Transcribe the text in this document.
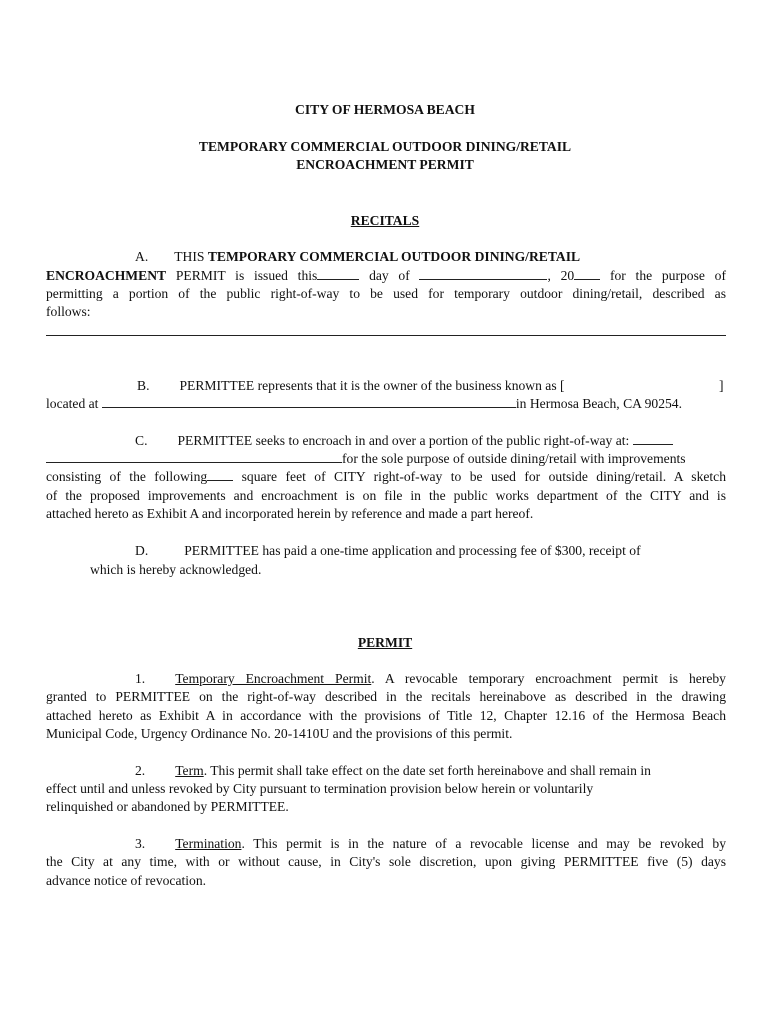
CITY OF HERMOSA BEACH
TEMPORARY COMMERCIAL OUTDOOR DINING/RETAIL
ENCROACHMENT PERMIT
RECITALS
A. THIS TEMPORARY COMMERCIAL OUTDOOR DINING/RETAIL
ENCROACHMENT PERMIT is issued this	day of	, 20	for the purpose of
permitting a portion of the public right-of-way to be used for temporary outdoor dining/retail, described as
follows:
B. PERMITTEE represents that it is the owner of the business known as [	]
located at	in Hermosa Beach, CA 90254.
C. PERMITTEE seeks to encroach in and over a portion of the public right-of-way at:
for the sole purpose of outside dining/retail with improvements
consisting of the following	square feet of CITY right-of-way to be used for outside dining/retail. A sketch
of the proposed improvements and encroachment is on file in the public works department of the CITY and is
attached hereto as Exhibit A and incorporated herein by reference and made a part hereof.
D.	PERMITTEE has paid a one-time application and processing fee of $300, receipt of
which is hereby acknowledged.
PERMIT
1. Temporary Encroachment Permit. A revocable temporary encroachment permit is hereby
granted to PERMITTEE on the right-of-way described in the recitals hereinabove as described in the drawing
attached hereto as Exhibit A in accordance with the provisions of Title 12, Chapter 12.16 of the Hermosa Beach
Municipal Code, Urgency Ordinance No. 20-1410U and the provisions of this permit.
2. Term. This permit shall take effect on the date set forth hereinabove and shall remain in
effect until and unless revoked by City pursuant to termination provision below herein or voluntarily
relinquished or abandoned by PERMITTEE.
3. Termination. This permit is in the nature of a revocable license and may be revoked by
the City at any time, with or without cause, in City's sole discretion, upon giving PERMITTEE five (5) days
advance notice of revocation.
